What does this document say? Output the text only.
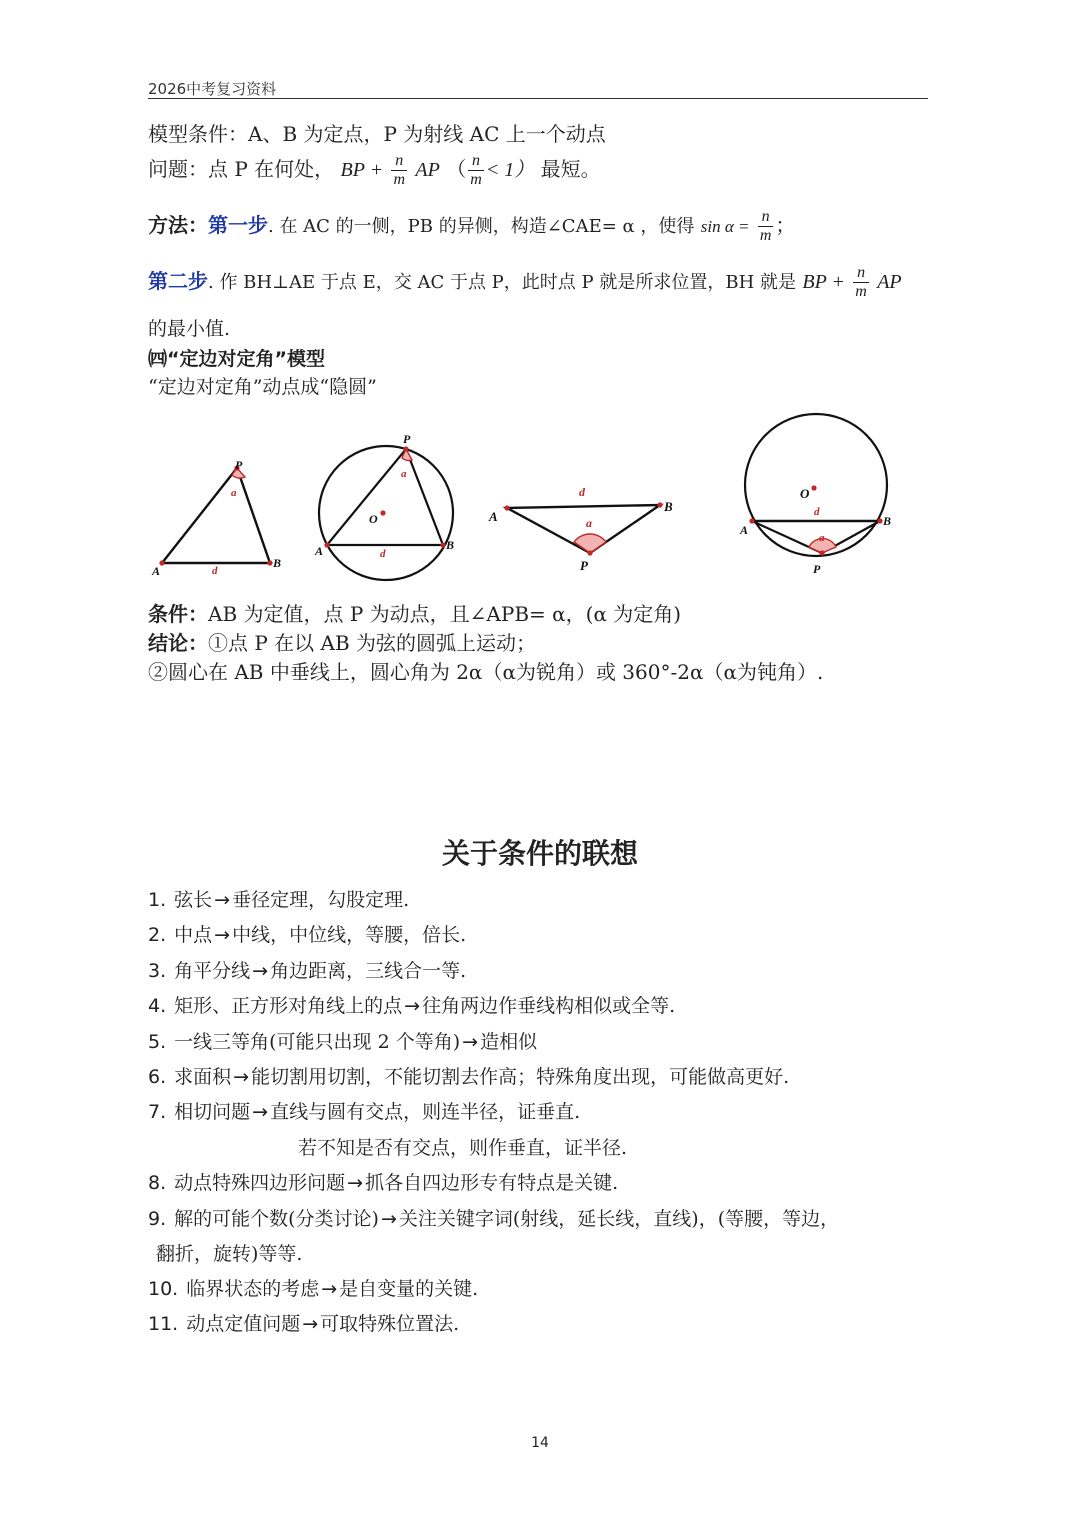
2026中考复习资料
模型条件：A、B 为定点，P 为射线 AC 上一个动点
问题：点 P 在何处， BP + $\frac{n}{m}$ AP （ $\frac{n}{m} < 1$） 最短。
方法：第一步. 在 AC 的一侧，PB 的异侧，构造∠CAE= α ，使得 $\sin \alpha = \frac{n}{m}$ ；
第二步. 作 BH⊥AE 于点 E，交 AC 于点 P，此时点 P 就是所求位置，BH 就是 BP + $\frac{n}{m}$ AP
的最小值.
㈣“定边对定角”模型
“定边对定角”动点成“隐圆”
P
a
A
B
d
P
a
O
A	B
d
A
B
P
d
a
O
A
B
P
d
a
条件：AB 为定值，点 P 为动点，且∠APB= α，(α 为定角)
结论：①点 P 在以 AB 为弦的圆弧上运动；
②圆心在 AB 中垂线上，圆心角为 2α（α为锐角）或 360°-2α（α为钝角）.
关于条件的联想
1. 弦长 → 垂径定理，勾股定理.
2. 中点 → 中线，中位线，等腰，倍长.
3. 角平分线 → 角边距离，三线合一等.
4. 矩形、正方形对角线上的点 → 往角两边作垂线构相似或全等.
5. 一线三等角(可能只出现 2 个等角) → 造相似
6. 求面积 → 能切割用切割，不能切割去作高；特殊角度出现，可能做高更好.
7. 相切问题 → 直线与圆有交点，则连半径，证垂直.
若不知是否有交点，则作垂直，证半径.
8. 动点特殊四边形问题 → 抓各自四边形专有特点是关键.
9. 解的可能个数(分类讨论) → 关注关键字词(射线，延长线，直线)，(等腰，等边，
翻折，旋转)等等.
10. 临界状态的考虑 → 是自变量的关键.
11. 动点定值问题 → 可取特殊位置法.
14
